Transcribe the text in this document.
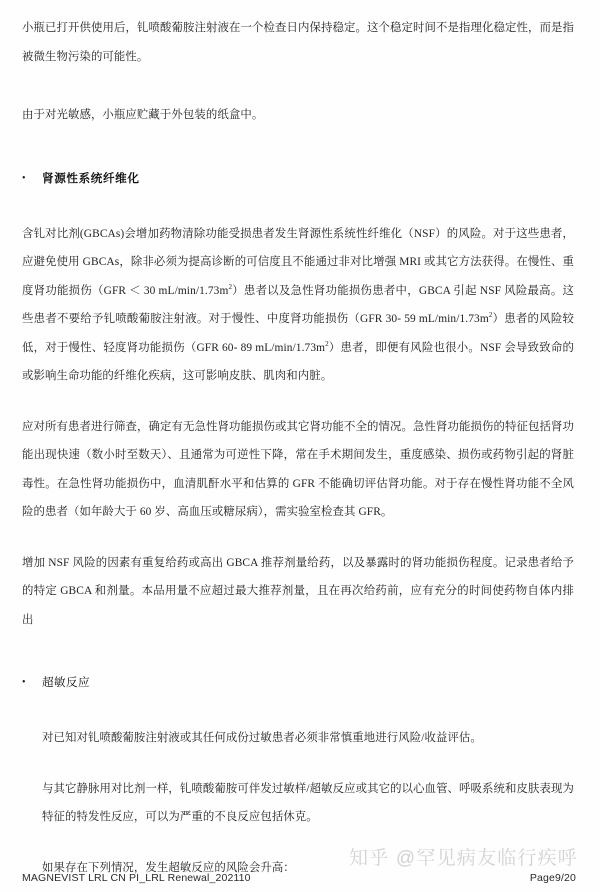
小瓶已打开供使用后，钆喷酸葡胺注射液在一个检查日内保持稳定。这个稳定时间不是指理化稳定性，而是指被微生物污染的可能性。

由于对光敏感，小瓶应贮藏于外包装的纸盒中。

•	肾源性系统纤维化

含钆对比剂(GBCAs)会增加药物清除功能受损患者发生肾源性系统性纤维化（NSF）的风险。对于这些患者，应避免使用 GBCAs，除非必须为提高诊断的可信度且不能通过非对比增强 MRI 或其它方法获得。在慢性、重度肾功能损伤（GFR ＜ 30 $mL/\min/1.73m^2$）患者以及急性肾功能损伤患者中，GBCA 引起 NSF 风险最高。这些患者不要给予钆喷酸葡胺注射液。对于慢性、中度肾功能损伤（GFR 30- 59 $mL/\min/1.73m^2$）患者的风险较低，对于慢性、轻度肾功能损伤（GFR 60- 89 $mL/\min/1.73m^2$）患者，即便有风险也很小。NSF 会导致致命的或影响生命功能的纤维化疾病，这可影响皮肤、肌肉和内脏。

应对所有患者进行筛查，确定有无急性肾功能损伤或其它肾功能不全的情况。急性肾功能损伤的特征包括肾功能出现快速（数小时至数天）、且通常为可逆性下降，常在手术期间发生，重度感染、损伤或药物引起的肾脏毒性。在急性肾功能损伤中，血清肌酐水平和估算的 GFR 不能确切评估肾功能。对于存在慢性肾功能不全风险的患者（如年龄大于 60 岁、高血压或糖尿病），需实验室检查其 GFR。

增加 NSF 风险的因素有重复给药或高出 GBCA 推荐剂量给药，以及暴露时的肾功能损伤程度。记录患者给予的特定 GBCA 和剂量。本品用量不应超过最大推荐剂量，且在再次给药前，应有充分的时间使药物自体内排出

•	超敏反应

对已知对钆喷酸葡胺注射液或其任何成份过敏患者必须非常慎重地进行风险/收益评估。

与其它静脉用对比剂一样，钆喷酸葡胺可伴发过敏样/超敏反应或其它的以心血管、呼吸系统和皮肤表现为特征的特发性反应，可以为严重的不良反应包括休克。

如果存在下列情况，发生超敏反应的风险会升高：	知乎 @罕见病友临行疾呼
MAGNEVIST LRL CN PI_LRL Renewal_202110	Page9/20
